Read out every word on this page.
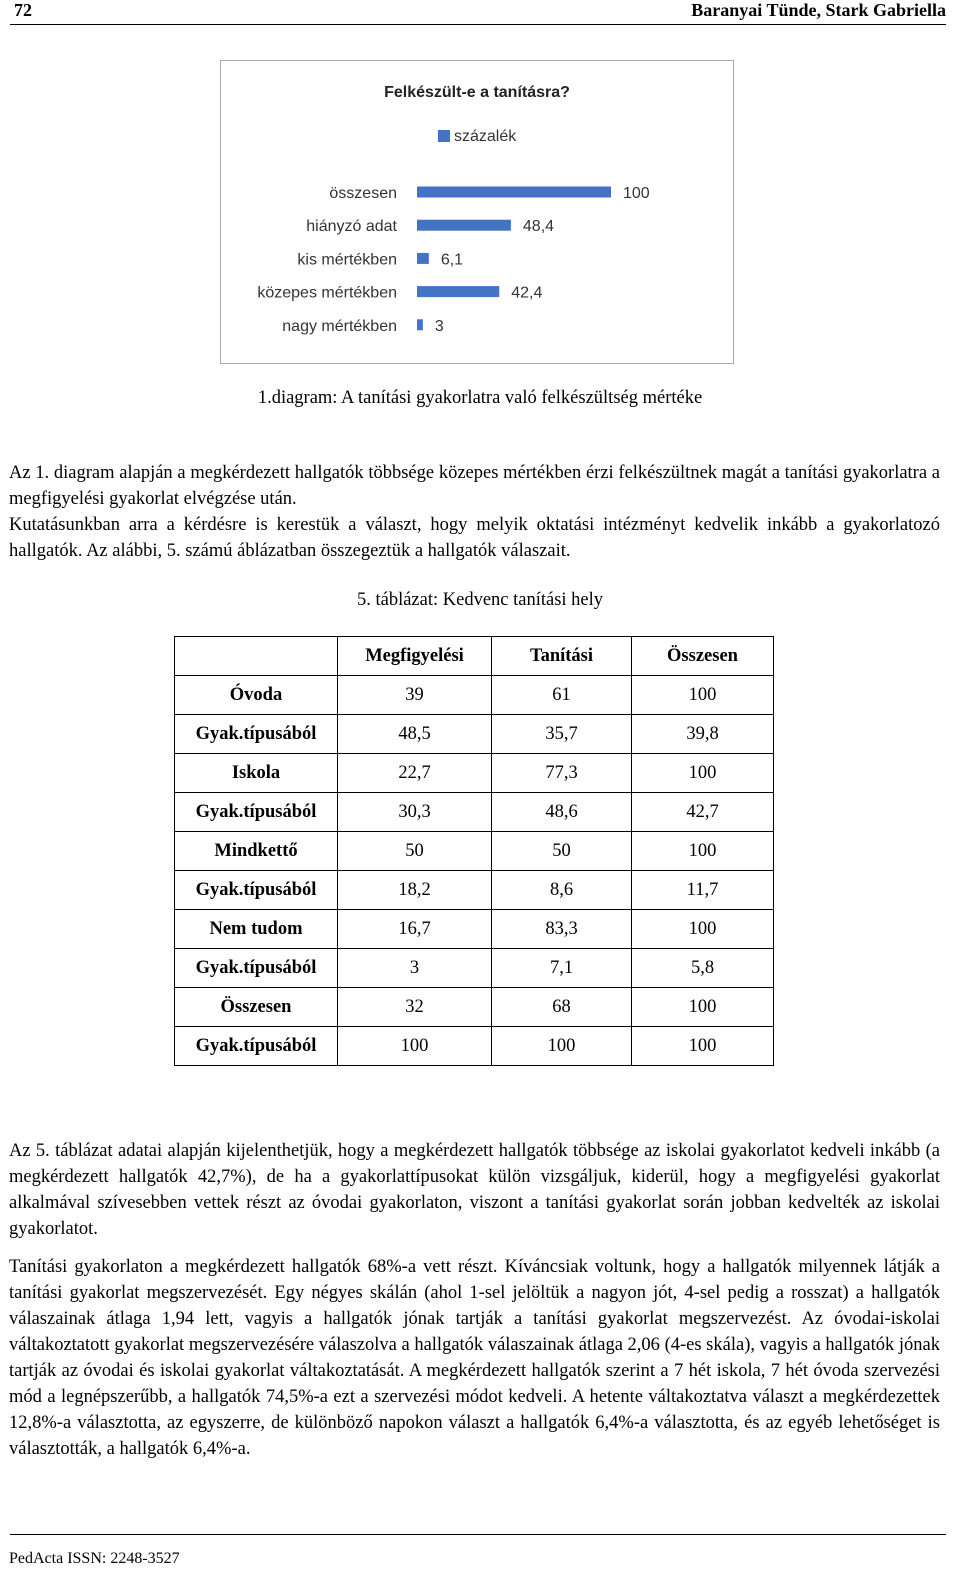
72	Baranyai Tünde, Stark Gabriella
Felkészült-e a tanításra?
százalék
összesen	100
hiányzó adat	48,4
kis mértékben	6,1
közepes mértékben	42,4
nagy mértékben 3
1.diagram: A tanítási gyakorlatra való felkészültség mértéke

Az 1. diagram alapján a megkérdezett hallgatók többsége közepes mértékben érzi felkészültnek magát a tanítási gyakorlatra a megfigyelési gyakorlat elvégzése után.

Kutatásunkban arra a kérdésre is kerestük a választ, hogy melyik oktatási intézményt kedvelik inkább a gyakorlatozó hallgatók. Az alábbi, 5. számú áblázatban összegeztük a hallgatók válaszait.

5. táblázat: Kedvenc tanítási hely
	Megfigyelési	Tanítási	Összesen
Óvoda	39	61	100
Gyak.típusából	48,5	35,7	39,8
Iskola	22,7	77,3	100
Gyak.típusából	30,3	48,6	42,7
Mindkettő	50	50	100
Gyak.típusából	18,2	8,6	11,7
Nem tudom	16,7	83,3	100
Gyak.típusából	3	7,1	5,8
Összesen	32	68	100
Gyak.típusából	100	100	100

Az 5. táblázat adatai alapján kijelenthetjük, hogy a megkérdezett hallgatók többsége az iskolai gyakorlatot kedveli inkább (a megkérdezett hallgatók 42,7%), de ha a gyakorlattípusokat külön vizsgáljuk, kiderül, hogy a megfigyelési gyakorlat alkalmával szívesebben vettek részt az óvodai gyakorlaton, viszont a tanítási gyakorlat során jobban kedvelték az iskolai gyakorlatot.

Tanítási gyakorlaton a megkérdezett hallgatók 68%-a vett részt. Kíváncsiak voltunk, hogy a hallgatók milyennek látják a tanítási gyakorlat megszervezését. Egy négyes skálán (ahol 1-sel jelöltük a nagyon jót, 4-sel pedig a rosszat) a hallgatók válaszainak átlaga 1,94 lett, vagyis a hallgatók jónak tartják a tanítási gyakorlat megszervezést. Az óvodai-iskolai váltakoztatott gyakorlat megszervezésére válaszolva a hallgatók válaszainak átlaga 2,06 (4-es skála), vagyis a hallgatók jónak tartják az óvodai és iskolai gyakorlat váltakoztatását. A megkérdezett hallgatók szerint a 7 hét iskola, 7 hét óvoda szervezési mód a legnépszerűbb, a hallgatók 74,5%-a ezt a szervezési módot kedveli. A hetente váltakoztatva választ a megkérdezettek 12,8%-a választotta, az egyszerre, de különböző napokon választ a hallgatók 6,4%-a választotta, és az egyéb lehetőséget is választották, a hallgatók 6,4%-a.

PedActa ISSN: 2248-3527
